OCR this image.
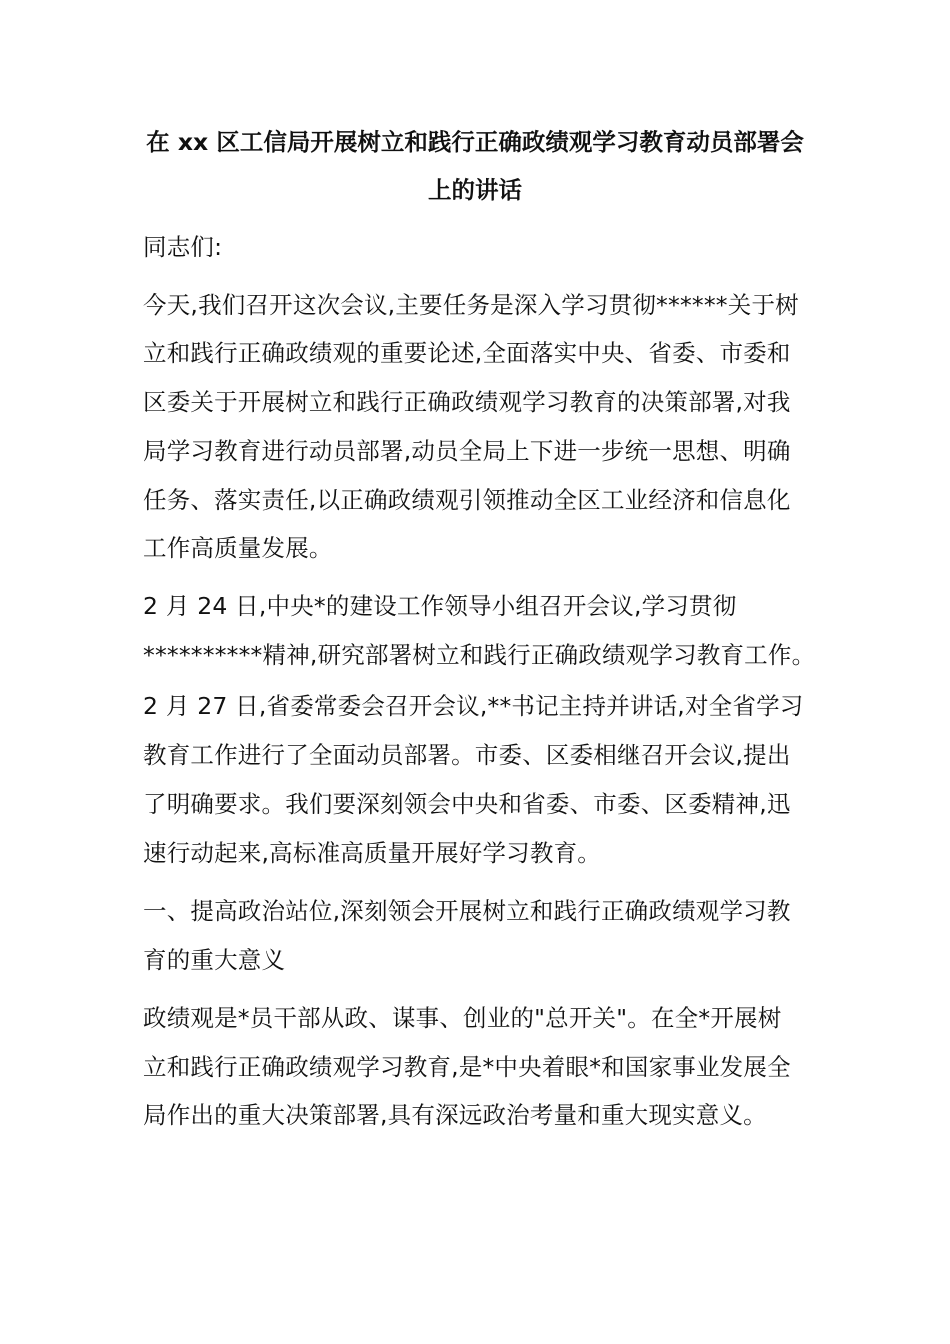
在 xx 区工信局开展树立和践行正确政绩观学习教育动员部署会
上的讲话
同志们:
今天,我们召开这次会议,主要任务是深入学习贯彻******关于树
立和践行正确政绩观的重要论述,全面落实中央、省委、市委和
区委关于开展树立和践行正确政绩观学习教育的决策部署,对我
局学习教育进行动员部署,动员全局上下进一步统一思想、明确
任务、落实责任,以正确政绩观引领推动全区工业经济和信息化
工作高质量发展。
2 月 24 日,中央*的建设工作领导小组召开会议,学习贯彻
**********精神,研究部署树立和践行正确政绩观学习教育工作。
2 月 27 日,省委常委会召开会议,**书记主持并讲话,对全省学习
教育工作进行了全面动员部署。市委、区委相继召开会议,提出
了明确要求。我们要深刻领会中央和省委、市委、区委精神,迅
速行动起来,高标准高质量开展好学习教育。
一、提高政治站位,深刻领会开展树立和践行正确政绩观学习教
育的重大意义
政绩观是*员干部从政、谋事、创业的"总开关"。在全*开展树
立和践行正确政绩观学习教育,是*中央着眼*和国家事业发展全
局作出的重大决策部署,具有深远政治考量和重大现实意义。
